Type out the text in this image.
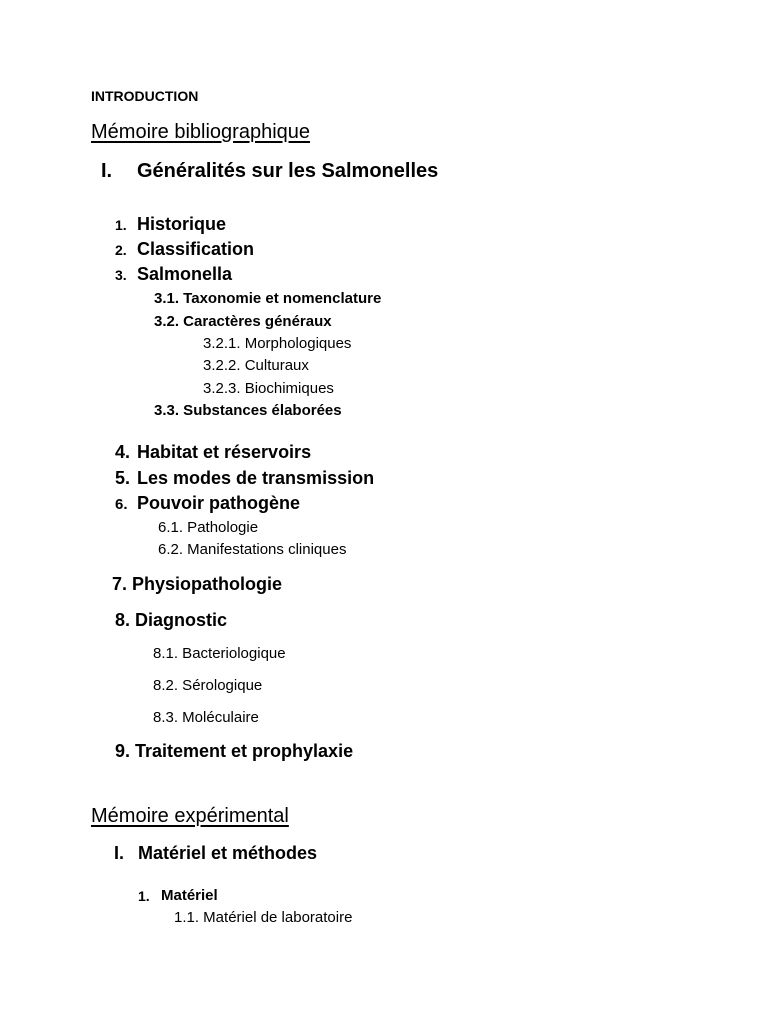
INTRODUCTION
Mémoire bibliographique
I. Généralités sur les Salmonelles
1. Historique
2. Classification
3. Salmonella
3.1. Taxonomie et nomenclature
3.2. Caractères généraux
3.2.1. Morphologiques
3.2.2. Culturaux
3.2.3. Biochimiques
3.3. Substances élaborées
4. Habitat et réservoirs
5. Les modes de transmission
6. Pouvoir pathogène
6.1. Pathologie
6.2. Manifestations cliniques
7. Physiopathologie
8. Diagnostic
8.1. Bacteriologique
8.2. Sérologique
8.3. Moléculaire
9. Traitement et prophylaxie
Mémoire expérimental
I. Matériel et méthodes
1. Matériel
1.1. Matériel de laboratoire
